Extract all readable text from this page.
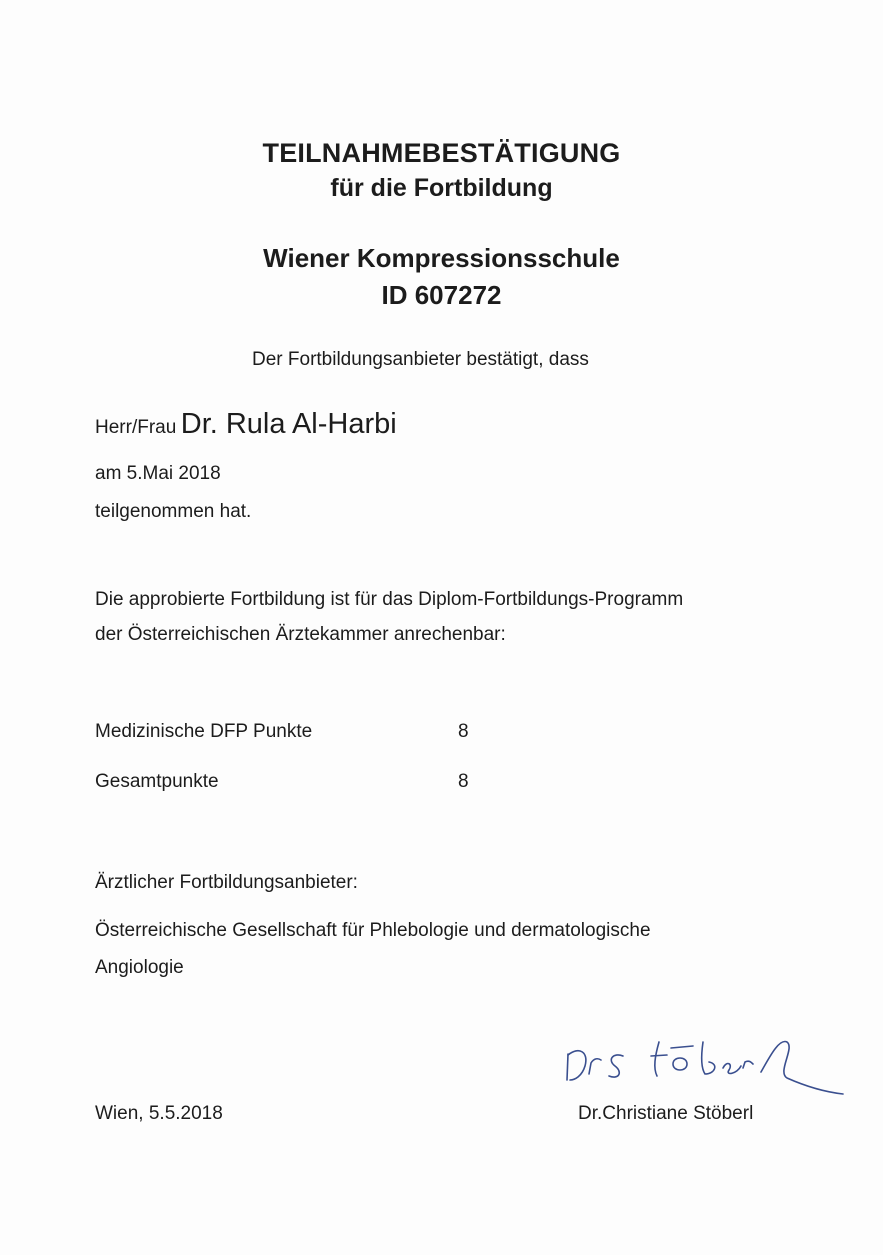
TEILNAHMEBESTÄTIGUNG
für die Fortbildung
Wiener Kompressionsschule
ID 607272
Der Fortbildungsanbieter bestätigt, dass
Herr/Frau Dr. Rula Al-Harbi
am 5.Mai 2018
teilgenommen hat.
Die approbierte Fortbildung ist für das Diplom-Fortbildungs-Programm
der Österreichischen Ärztekammer anrechenbar:
Medizinische DFP Punkte	8
Gesamtpunkte	8
Ärztlicher Fortbildungsanbieter:
Österreichische Gesellschaft für Phlebologie und dermatologische
Angiologie
Wien, 5.5.2018	Dr.Christiane Stöberl
